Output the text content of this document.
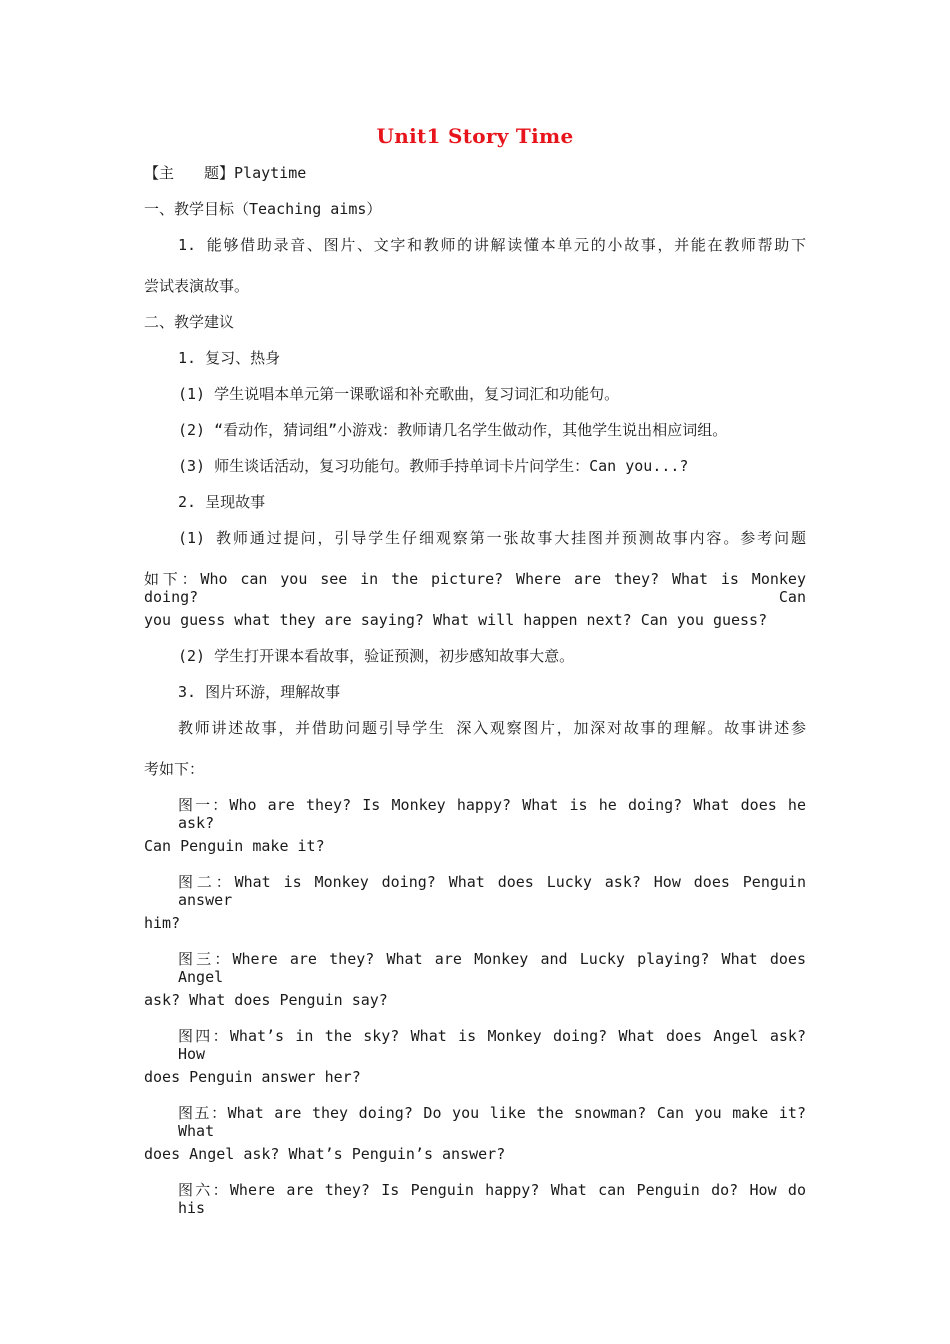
Unit1 Story Time
【主　　题】Playtime
一、教学目标（Teaching aims）
1. 能够借助录音、图片、文字和教师的讲解读懂本单元的小故事，并能在教师帮助下
尝试表演故事。
二、教学建议
1. 复习、热身
(1) 学生说唱本单元第一课歌谣和补充歌曲，复习词汇和功能句。
(2) “看动作，猜词组”小游戏：教师请几名学生做动作，其他学生说出相应词组。
(3) 师生谈话活动，复习功能句。教师手持单词卡片问学生：Can you...?
2. 呈现故事
(1) 教师通过提问，引导学生仔细观察第一张故事大挂图并预测故事内容。参考问题
如下：Who can you see in the picture? Where are they? What is Monkey doing? Can
you guess what they are saying? What will happen next? Can you guess?
(2) 学生打开课本看故事，验证预测，初步感知故事大意。
3. 图片环游，理解故事
教师讲述故事，并借助问题引导学生 深入观察图片，加深对故事的理解。故事讲述参
考如下：
图一：Who are they? Is Monkey happy? What is he doing? What does he ask?
Can Penguin make it?
图二：What is Monkey doing? What does Lucky ask? How does Penguin answer
him?
图三：Where are they? What are Monkey and Lucky playing? What does Angel
ask? What does Penguin say?
图四：What’s in the sky? What is Monkey doing? What does Angel ask? How
does Penguin answer her?
图五：What are they doing? Do you like the snowman? Can you make it? What
does Angel ask? What’s Penguin’s answer?
图六：Where are they? Is Penguin happy? What can Penguin do? How do his
